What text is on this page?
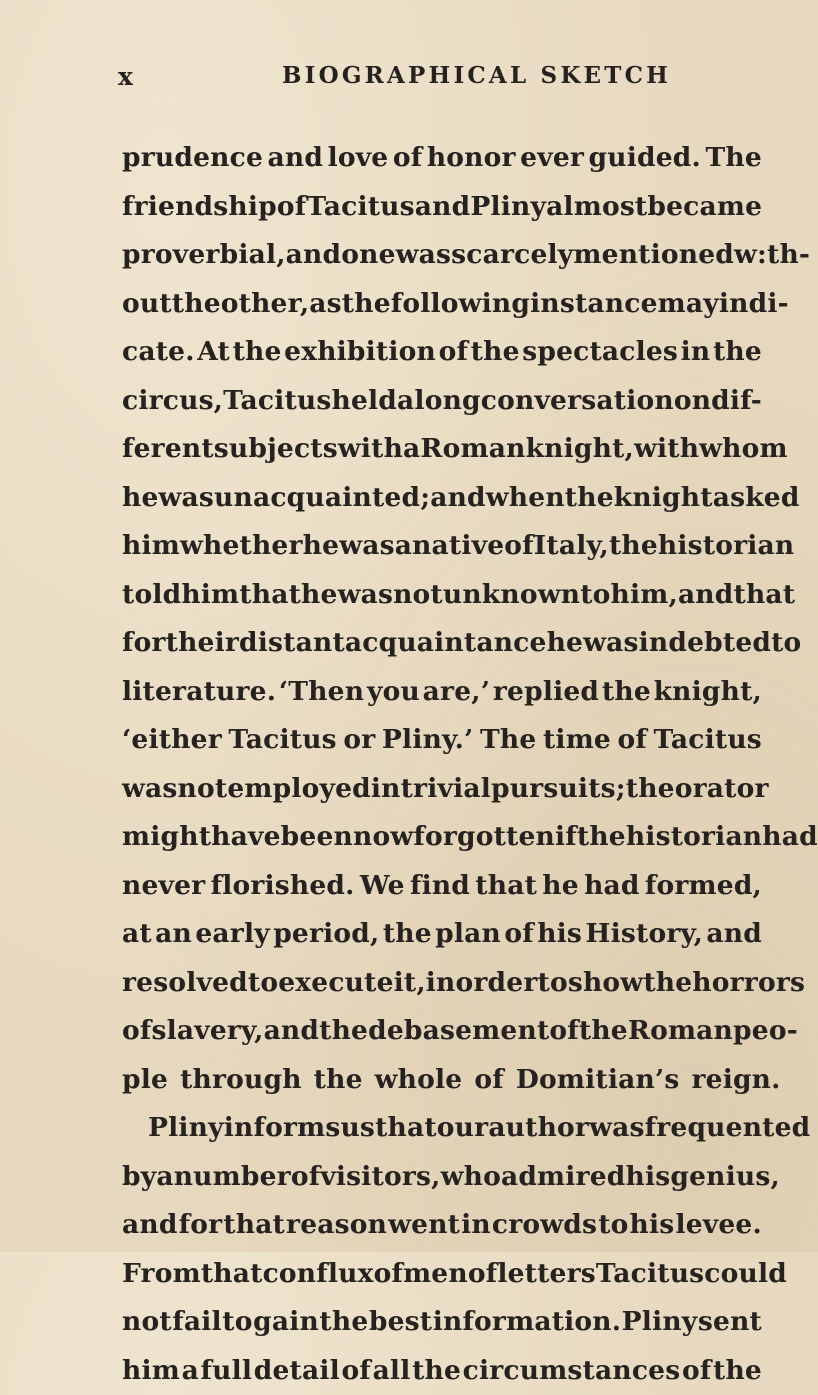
x	BIOGRAPHICAL SKETCH
prudence and love of honor ever guided. The
friendship of Tacitus and Pliny almost became
proverbial, and one was scarcely mentioned w:th-
out the other, as the following instance may indi-
cate. At the exhibition of the spectacles in the
circus, Tacitus held a long conversation on dif-
ferent subjects with a Roman knight, with whom
he was unacquainted; and when the knight asked
him whether he was a native of Italy, the historian
told him that he was not unknown to him, and that
for their distant acquaintance he was indebted to
literature. ‘Then you are,’ replied the knight,
‘either Tacitus or Pliny.’ The time of Tacitus
was not employed in trivial pursuits; the orator
might have been now forgotten if the historian had
never florished. We find that he had formed,
at an early period, the plan of his History, and
resolved to execute it, in order to show the horrors
of slavery, and the debasement of the Roman peo-
ple through the whole of Domitian’s reign.
Pliny informs us that our author was frequented
by a number of visitors, who admired his genius,
and for that reason went in crowds to his levee.
From that conflux of men of letters Tacitus could
not fail to gain the best information. Pliny sent
him a full detail of all the circumstances of the
